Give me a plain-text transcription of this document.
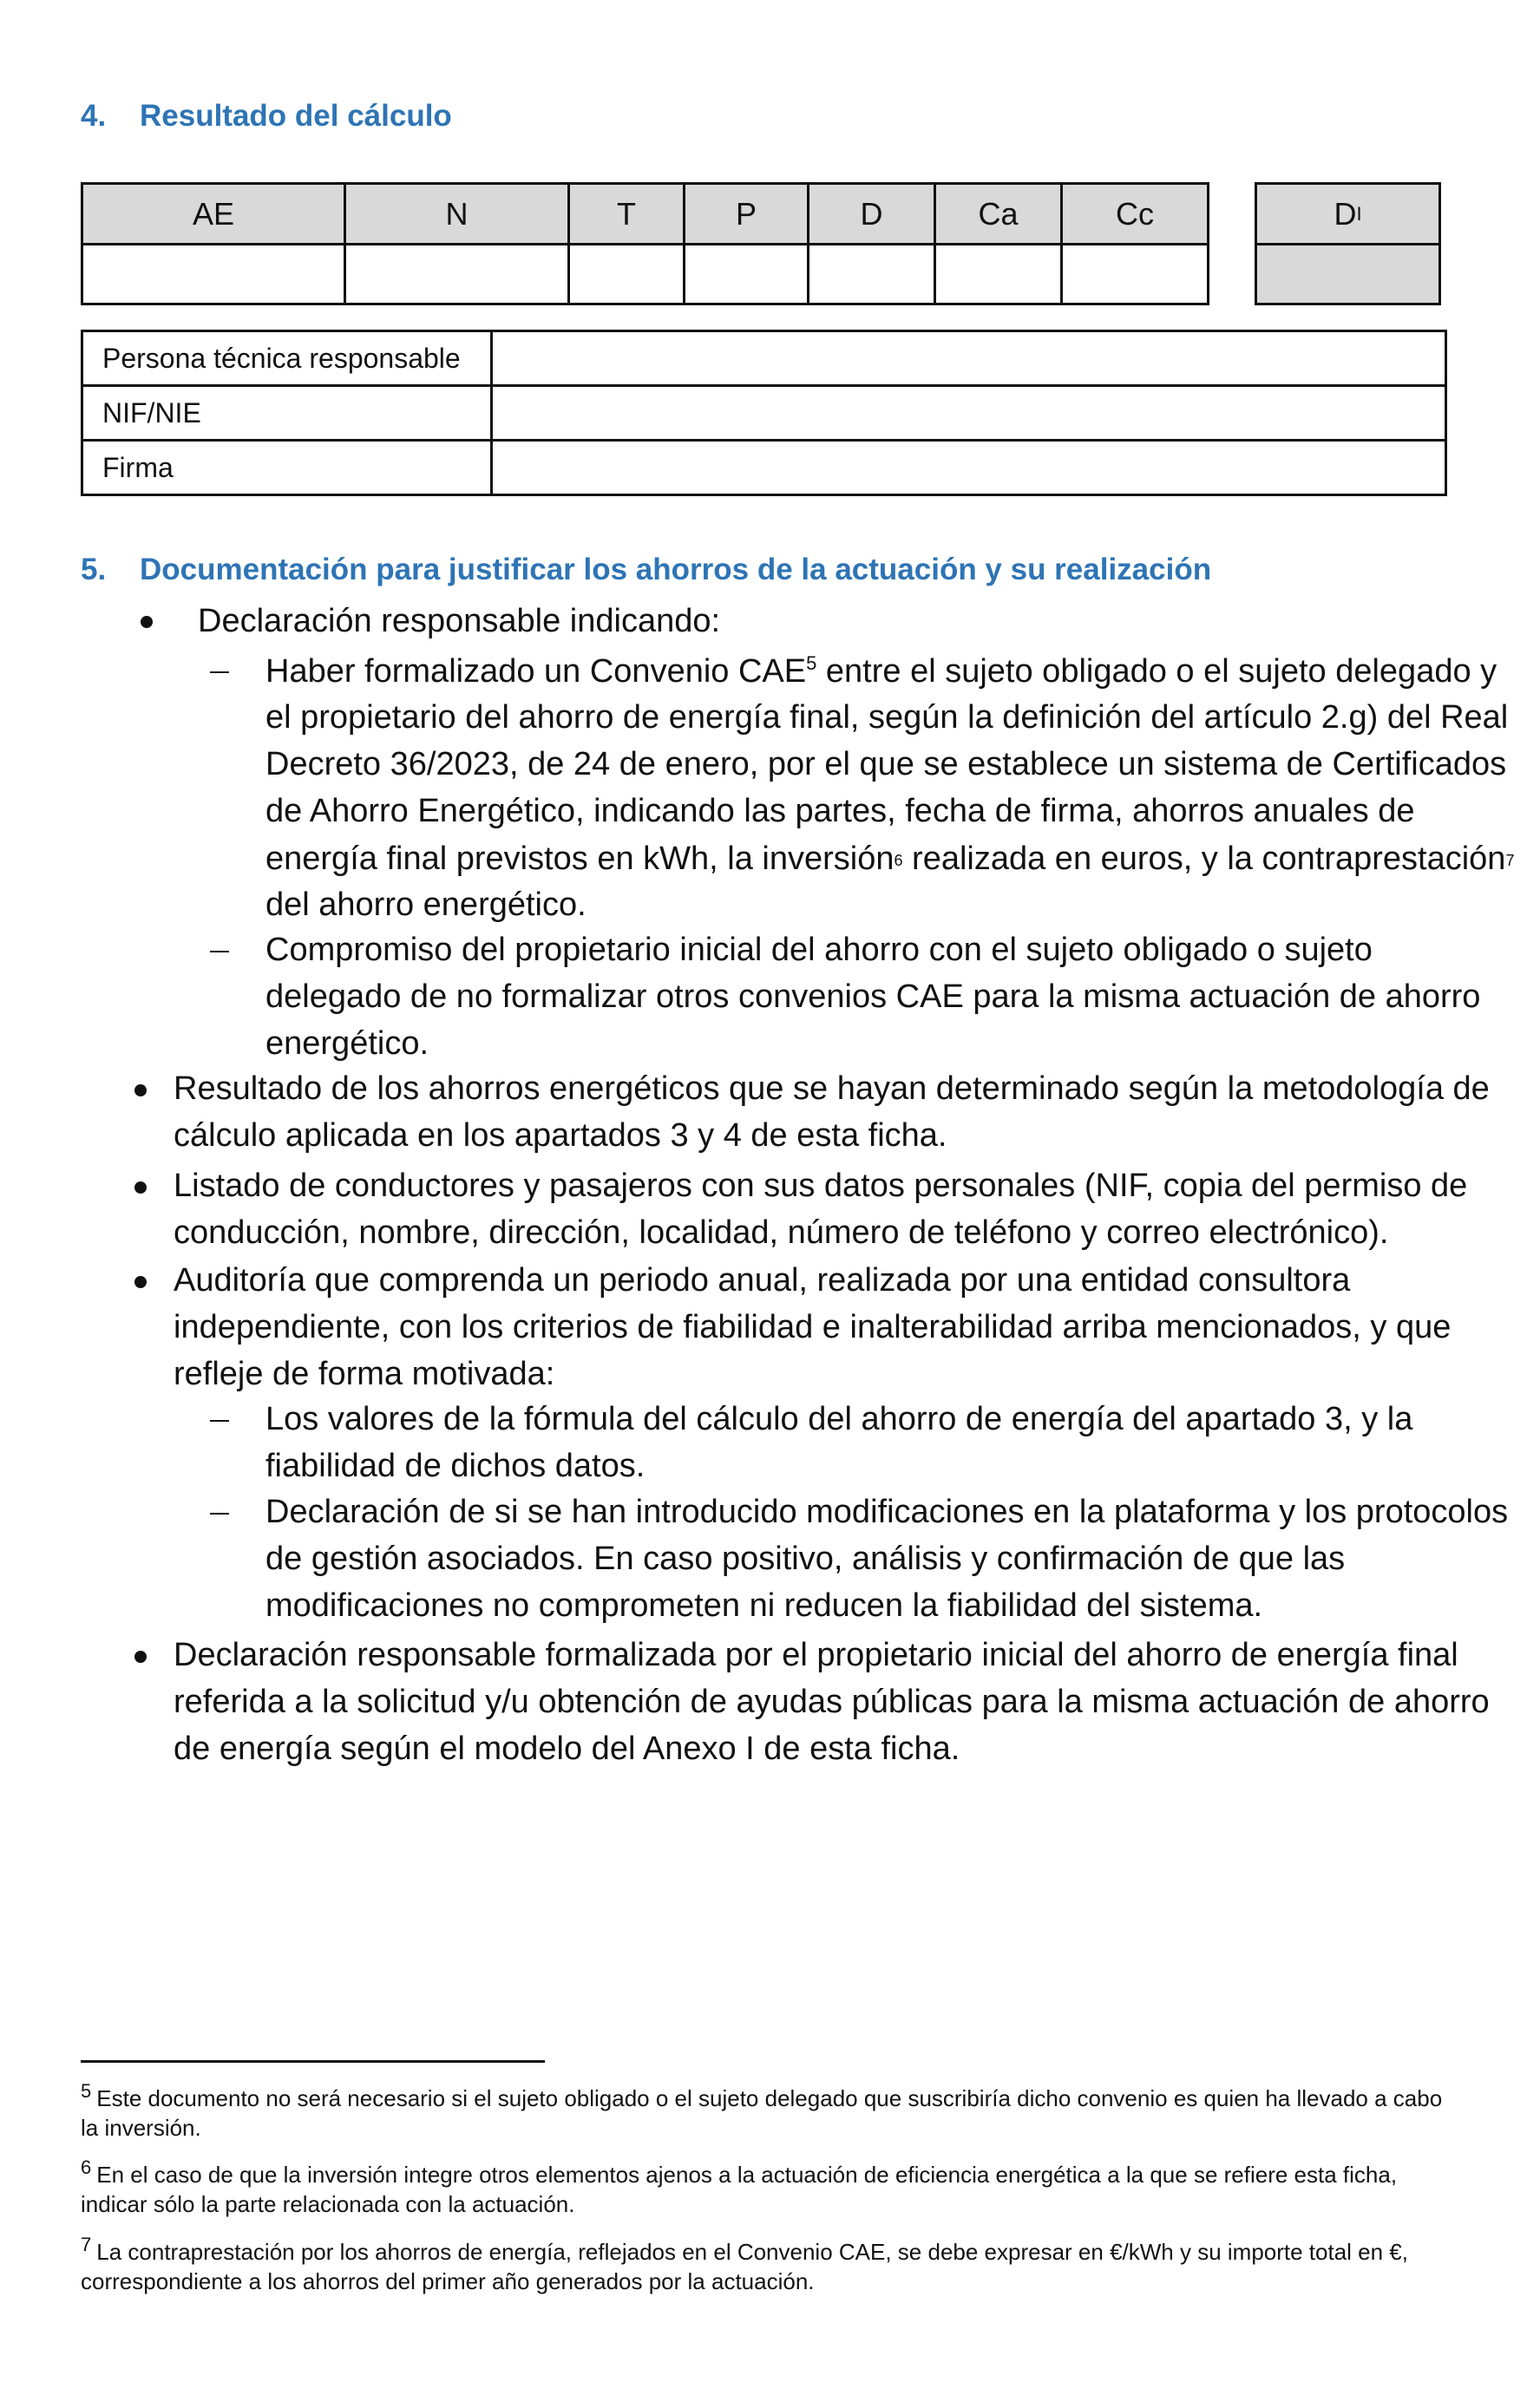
4. Resultado del cálculo
AE	N	T	P	D	Ca	Cc	D I
Persona técnica responsable	
NIF/NIE	
Firma	
5. Documentación para justificar los ahorros de la actuación y su realización
Declaración responsable indicando:
Haber formalizado un Convenio CAE$^5$ entre el sujeto obligado o el sujeto delegado y
el propietario del ahorro de energía final, según la definición del artículo 2.g) del Real
Decreto 36/2023, de 24 de enero, por el que se establece un sistema de Certificados
de Ahorro Energético, indicando las partes, fecha de firma, ahorros anuales de
energía final previstos en kWh, la inversión$^6$ realizada en euros, y la contraprestación$^7$
del ahorro energético.
Compromiso del propietario inicial del ahorro con el sujeto obligado o sujeto
delegado de no formalizar otros convenios CAE para la misma actuación de ahorro
energético.
Resultado de los ahorros energéticos que se hayan determinado según la metodología de
cálculo aplicada en los apartados 3 y 4 de esta ficha.
Listado de conductores y pasajeros con sus datos personales (NIF, copia del permiso de
conducción, nombre, dirección, localidad, número de teléfono y correo electrónico).
Auditoría que comprenda un periodo anual, realizada por una entidad consultora
independiente, con los criterios de fiabilidad e inalterabilidad arriba mencionados, y que
refleje de forma motivada:
Los valores de la fórmula del cálculo del ahorro de energía del apartado 3, y la
fiabilidad de dichos datos.
Declaración de si se han introducido modificaciones en la plataforma y los protocolos
de gestión asociados. En caso positivo, análisis y confirmación de que las
modificaciones no comprometen ni reducen la fiabilidad del sistema.
Declaración responsable formalizada por el propietario inicial del ahorro de energía final
referida a la solicitud y/u obtención de ayudas públicas para la misma actuación de ahorro
de energía según el modelo del Anexo I de esta ficha.
$^5$ Este documento no será necesario si el sujeto obligado o el sujeto delegado que suscribiría dicho convenio es quien ha llevado a cabo
la inversión.
$^6$ En el caso de que la inversión integre otros elementos ajenos a la actuación de eficiencia energética a la que se refiere esta ficha,
indicar sólo la parte relacionada con la actuación.
$^7$ La contraprestación por los ahorros de energía, reflejados en el Convenio CAE, se debe expresar en €/kWh y su importe total en €,
correspondiente a los ahorros del primer año generados por la actuación.
